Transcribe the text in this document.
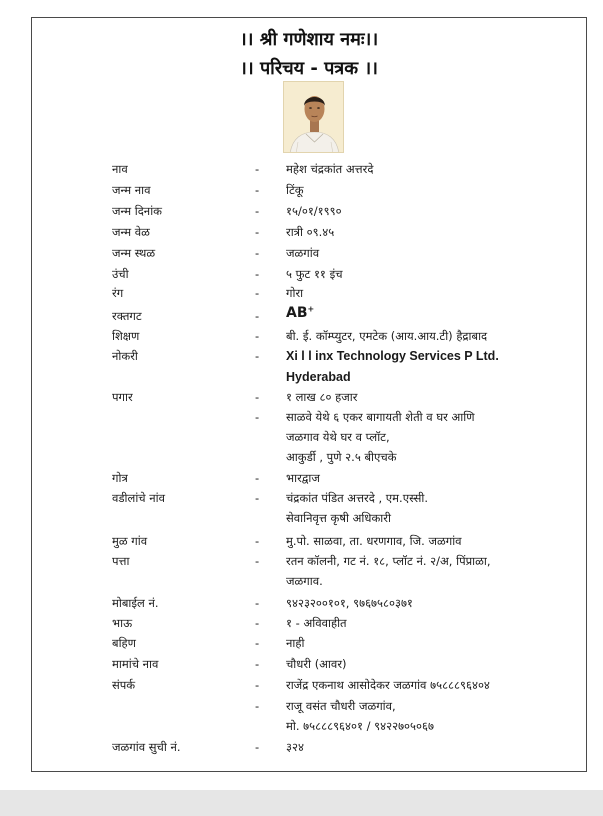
।। श्री गणेशाय नमः।।
।। परिचय - पत्रक ।।
नाव	- महेश चंद्रकांत अत्तरदे
जन्म नाव	- टिंकू
जन्म दिनांक	- १५/०१/१९९०
जन्म वेळ	- रात्री ०९.४५
जन्म स्थळ	- जळगांव
उंची	- ५ फुट ११ इंच
रंग	- गोरा
रक्तगट	- AB+
शिक्षण	- बी. ई. कॉम्प्युटर, एमटेक (आय.आय.टी) हैद्राबाद
नोकरी	- Xi l l inx Technology Services P Ltd.
Hyderabad
पगार	- १ लाख ८० हजार
- साळवे येथे ६ एकर बागायती शेती व घर आणि
जळगाव येथे घर व प्लॉट,
आकुर्डी , पुणे २.५ बीएचके
गोत्र	- भारद्वाज
वडीलांचे नांव	- चंद्रकांत पंडित अत्तरदे , एम.एस्सी.
सेवानिवृत्त कृषी अधिकारी
मुळ गांव	- मु.पो. साळवा, ता. धरणगाव, जि. जळगांव
पत्ता	- रतन कॉलनी, गट नं. १८, प्लॉट नं. २/अ, पिंप्राळा,
जळगाव.
मोबाईल नं.	- ९४२३२००१०१, ९७६७५८०३७१
भाऊ	- १ - अविवाहीत
बहिण	- नाही
मामांचे नाव	- चौधरी (आवर)
संपर्क	- राजेंद्र एकनाथ आसोदेकर जळगांव ७५८८८९६४०४
- राजू वसंत चौधरी जळगांव,
मो. ७५८८८९६४०१ / ९४२२७०५०६७
जळगांव सुची नं.	- ३२४
